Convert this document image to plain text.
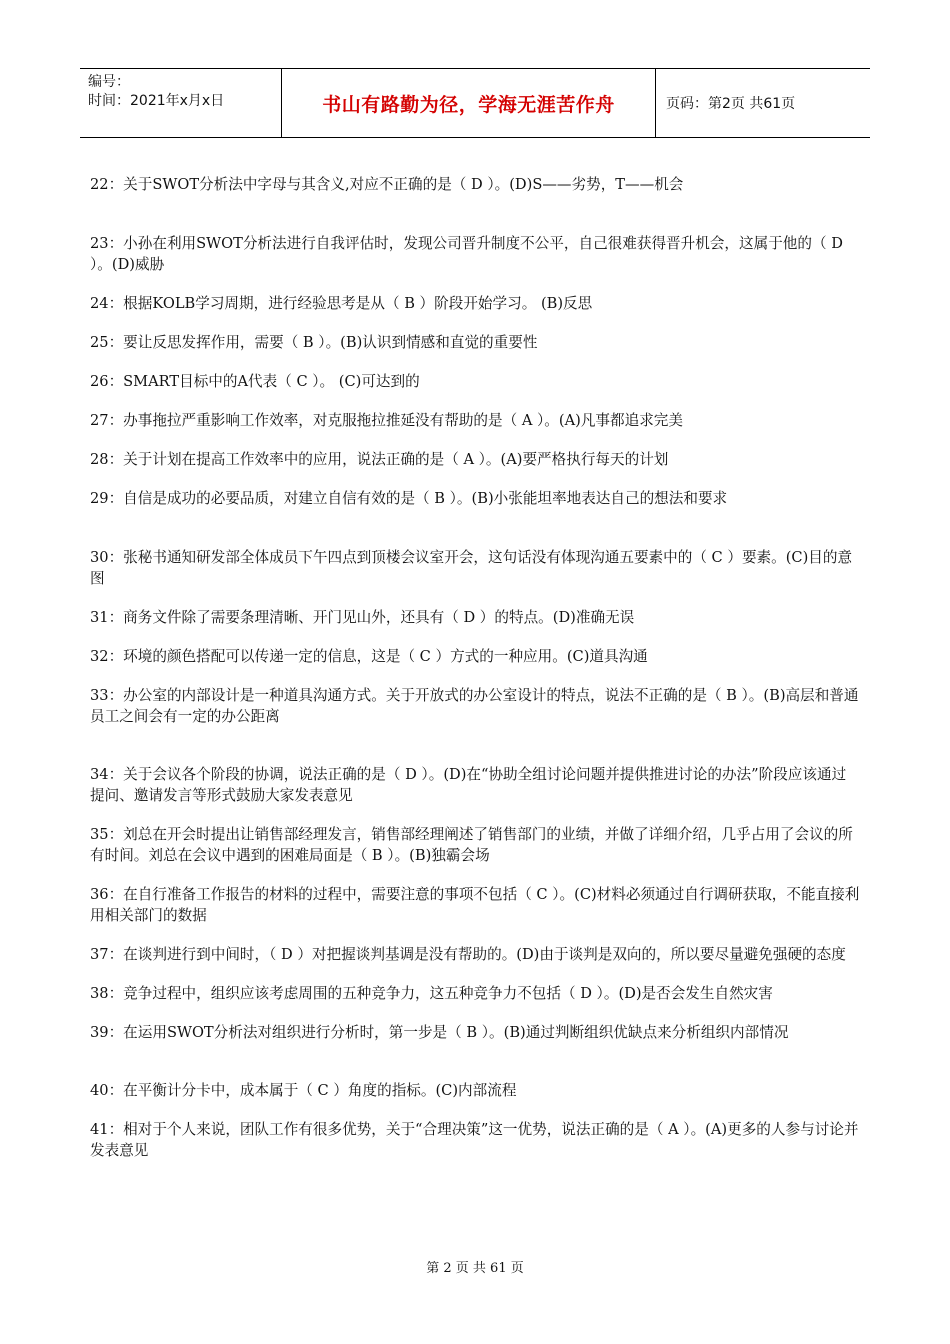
编号：
时间：2021年x月x日	书山有路勤为径，学海无涯苦作舟	页码：第2页 共61页

22：关于SWOT分析法中字母与其含义,对应不正确的是（ D ）。(D)S——劣势，T——机会

23：小孙在利用SWOT分析法进行自我评估时，发现公司晋升制度不公平，自己很难获得晋升机会，这属于他的（ D ）。(D)威胁

24：根据KOLB学习周期，进行经验思考是从（ B ）阶段开始学习。 (B)反思

25：要让反思发挥作用，需要（ B ）。(B)认识到情感和直觉的重要性

26：SMART目标中的A代表（ C ）。 (C)可达到的

27：办事拖拉严重影响工作效率，对克服拖拉推延没有帮助的是（ A ）。(A)凡事都追求完美

28：关于计划在提高工作效率中的应用，说法正确的是（ A ）。(A)要严格执行每天的计划

29：自信是成功的必要品质，对建立自信有效的是（ B ）。(B)小张能坦率地表达自己的想法和要求

30：张秘书通知研发部全体成员下午四点到顶楼会议室开会，这句话没有体现沟通五要素中的（ C ）要素。(C)目的意图

31：商务文件除了需要条理清晰、开门见山外，还具有（ D ）的特点。(D)准确无误

32：环境的颜色搭配可以传递一定的信息，这是（ C ）方式的一种应用。(C)道具沟通

33：办公室的内部设计是一种道具沟通方式。关于开放式的办公室设计的特点，说法不正确的是（ B ）。(B)高层和普通员工之间会有一定的办公距离

34：关于会议各个阶段的协调，说法正确的是（ D ）。(D)在“协助全组讨论问题并提供推进讨论的办法”阶段应该通过提问、邀请发言等形式鼓励大家发表意见

35：刘总在开会时提出让销售部经理发言，销售部经理阐述了销售部门的业绩，并做了详细介绍，几乎占用了会议的所有时间。刘总在会议中遇到的困难局面是（ B ）。(B)独霸会场

36：在自行准备工作报告的材料的过程中，需要注意的事项不包括（ C ）。(C)材料必须通过自行调研获取，不能直接利用相关部门的数据

37：在谈判进行到中间时，（ D ）对把握谈判基调是没有帮助的。(D)由于谈判是双向的，所以要尽量避免强硬的态度

38：竞争过程中，组织应该考虑周围的五种竞争力，这五种竞争力不包括（ D ）。(D)是否会发生自然灾害

39：在运用SWOT分析法对组织进行分析时，第一步是（ B ）。(B)通过判断组织优缺点来分析组织内部情况

40：在平衡计分卡中，成本属于（ C ）角度的指标。(C)内部流程

41：相对于个人来说，团队工作有很多优势，关于“合理决策”这一优势，说法正确的是（ A ）。(A)更多的人参与讨论并发表意见

第 2 页 共 61 页
